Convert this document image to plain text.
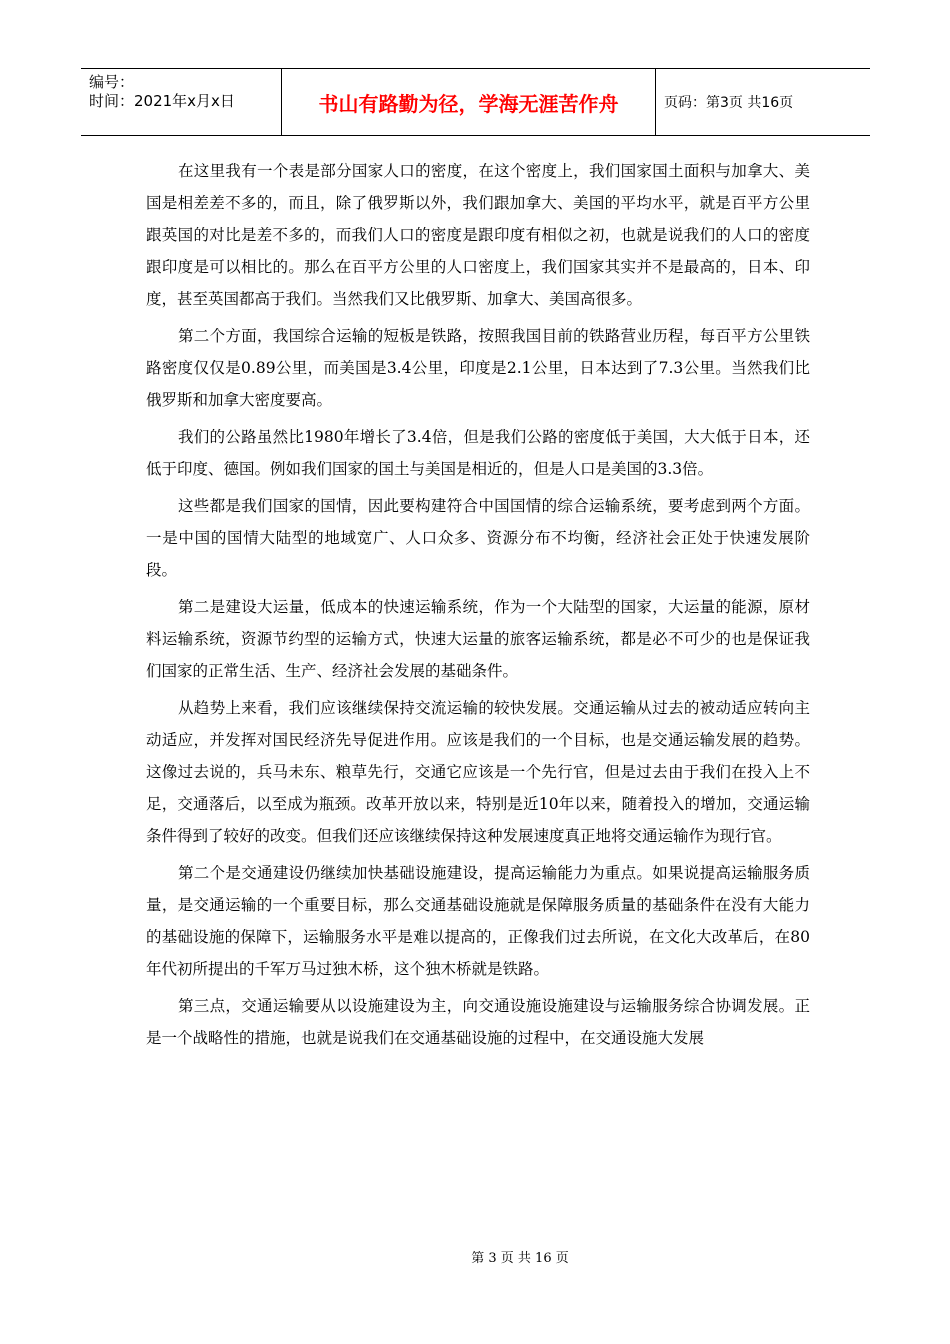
编号：
时间：2021年x月x日	书山有路勤为径，学海无涯苦作舟	页码：第3页 共16页

在这里我有一个表是部分国家人口的密度，在这个密度上，我们国家国土面积与加拿大、美国是相差差不多的，而且，除了俄罗斯以外，我们跟加拿大、美国的平均水平，就是百平方公里跟英国的对比是差不多的，而我们人口的密度是跟印度有相似之初，也就是说我们的人口的密度跟印度是可以相比的。那么在百平方公里的人口密度上，我们国家其实并不是最高的，日本、印度，甚至英国都高于我们。当然我们又比俄罗斯、加拿大、美国高很多。

第二个方面，我国综合运输的短板是铁路，按照我国目前的铁路营业历程，每百平方公里铁路密度仅仅是0.89公里，而美国是3.4公里，印度是2.1公里，日本达到了7.3公里。当然我们比俄罗斯和加拿大密度要高。

我们的公路虽然比1980年增长了3.4倍，但是我们公路的密度低于美国，大大低于日本，还低于印度、德国。例如我们国家的国土与美国是相近的，但是人口是美国的3.3倍。

这些都是我们国家的国情，因此要构建符合中国国情的综合运输系统，要考虑到两个方面。一是中国的国情大陆型的地域宽广、人口众多、资源分布不均衡，经济社会正处于快速发展阶段。

第二是建设大运量，低成本的快速运输系统，作为一个大陆型的国家，大运量的能源，原材料运输系统，资源节约型的运输方式，快速大运量的旅客运输系统，都是必不可少的也是保证我们国家的正常生活、生产、经济社会发展的基础条件。

从趋势上来看，我们应该继续保持交流运输的较快发展。交通运输从过去的被动适应转向主动适应，并发挥对国民经济先导促进作用。应该是我们的一个目标，也是交通运输发展的趋势。这像过去说的，兵马未东、粮草先行，交通它应该是一个先行官，但是过去由于我们在投入上不足，交通落后，以至成为瓶颈。改革开放以来，特别是近10年以来，随着投入的增加，交通运输条件得到了较好的改变。但我们还应该继续保持这种发展速度真正地将交通运输作为现行官。

第二个是交通建设仍继续加快基础设施建设，提高运输能力为重点。如果说提高运输服务质量，是交通运输的一个重要目标，那么交通基础设施就是保障服务质量的基础条件在没有大能力的基础设施的保障下，运输服务水平是难以提高的，正像我们过去所说，在文化大改革后，在80年代初所提出的千军万马过独木桥，这个独木桥就是铁路。

第三点，交通运输要从以设施建设为主，向交通设施设施建设与运输服务综合协调发展。正是一个战略性的措施，也就是说我们在交通基础设施的过程中，在交通设施大发展

第 3 页 共 16 页
